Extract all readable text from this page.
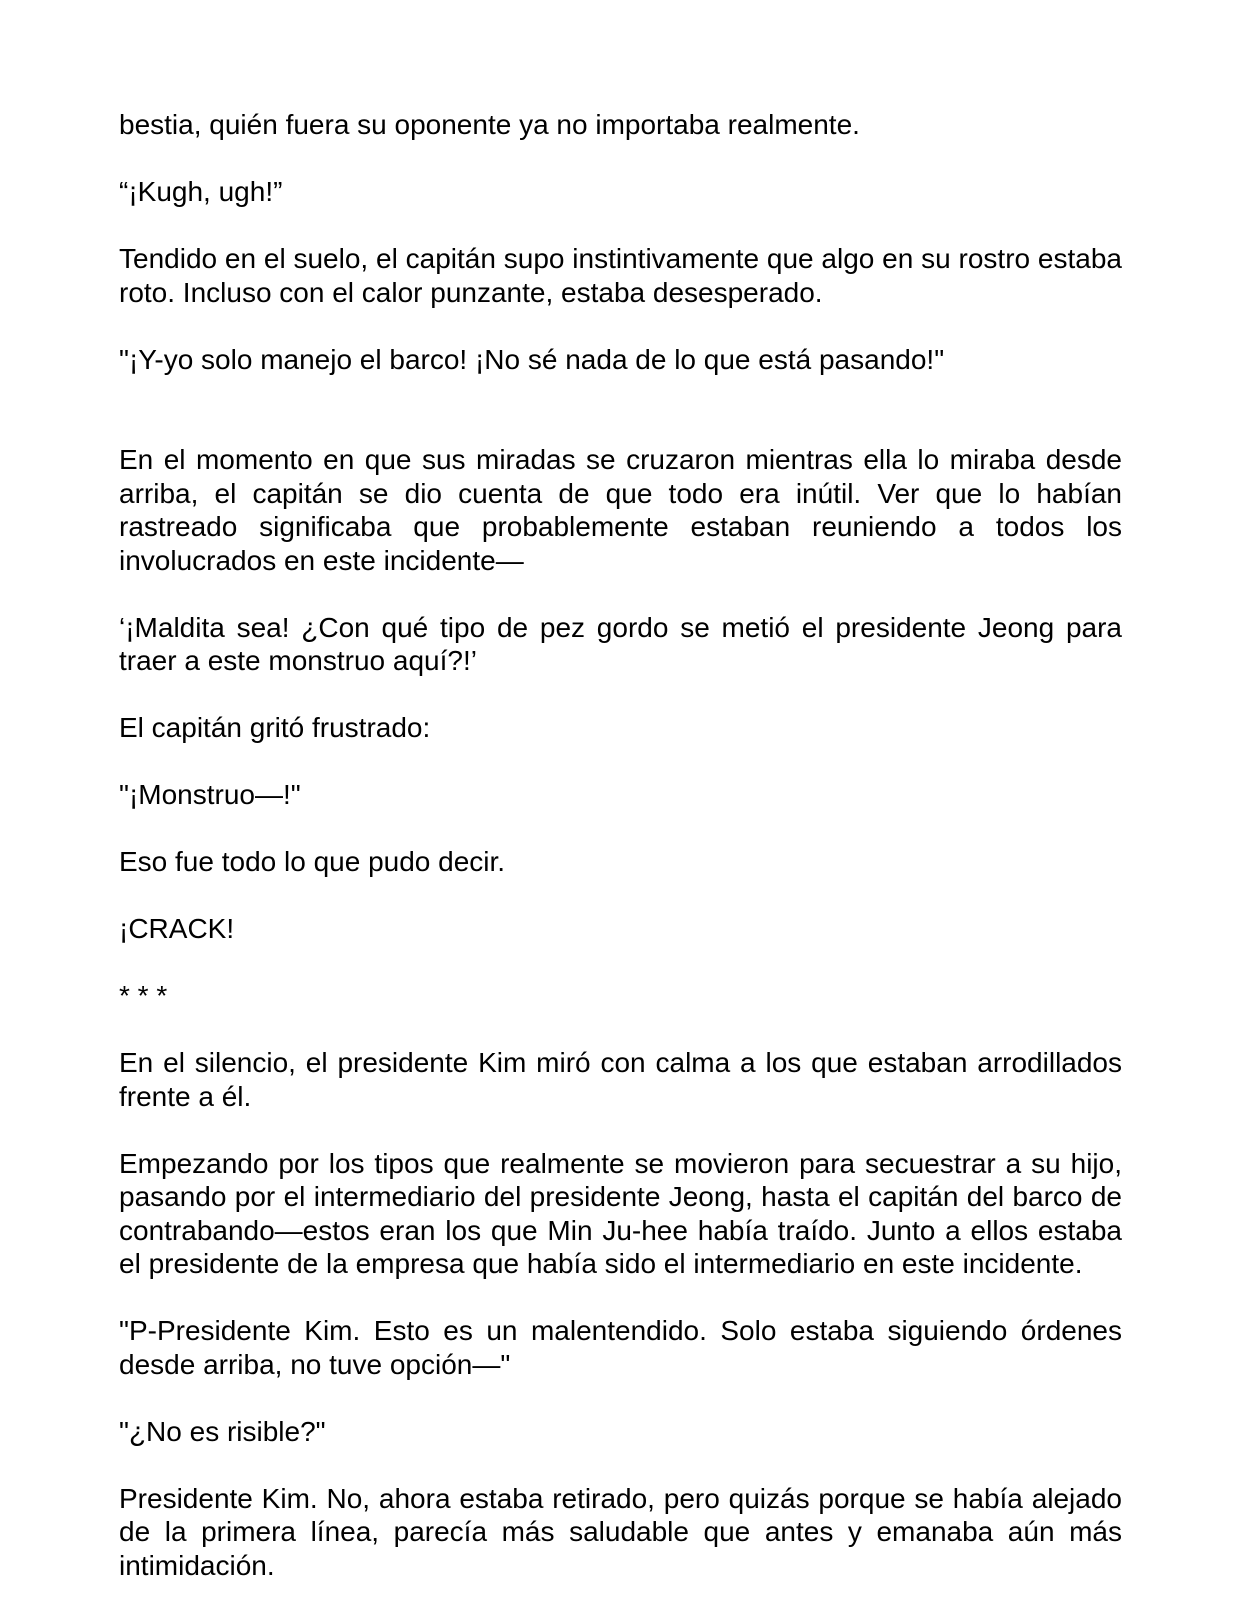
bestia, quién fuera su oponente ya no importaba realmente.

“¡Kugh, ugh!”

Tendido en el suelo, el capitán supo instintivamente que algo en su rostro estaba roto. Incluso con el calor punzante, estaba desesperado.

"¡Y-yo solo manejo el barco! ¡No sé nada de lo que está pasando!"

En el momento en que sus miradas se cruzaron mientras ella lo miraba desde arriba, el capitán se dio cuenta de que todo era inútil. Ver que lo habían rastreado significaba que probablemente estaban reuniendo a todos los involucrados en este incidente—

‘¡Maldita sea! ¿Con qué tipo de pez gordo se metió el presidente Jeong para traer a este monstruo aquí?!’

El capitán gritó frustrado:

"¡Monstruo—!"

Eso fue todo lo que pudo decir.

¡CRACK!

* * *

En el silencio, el presidente Kim miró con calma a los que estaban arrodillados frente a él.

Empezando por los tipos que realmente se movieron para secuestrar a su hijo, pasando por el intermediario del presidente Jeong, hasta el capitán del barco de contrabando—estos eran los que Min Ju-hee había traído. Junto a ellos estaba el presidente de la empresa que había sido el intermediario en este incidente.

"P-Presidente Kim. Esto es un malentendido. Solo estaba siguiendo órdenes desde arriba, no tuve opción—"

"¿No es risible?"

Presidente Kim. No, ahora estaba retirado, pero quizás porque se había alejado de la primera línea, parecía más saludable que antes y emanaba aún más intimidación.
